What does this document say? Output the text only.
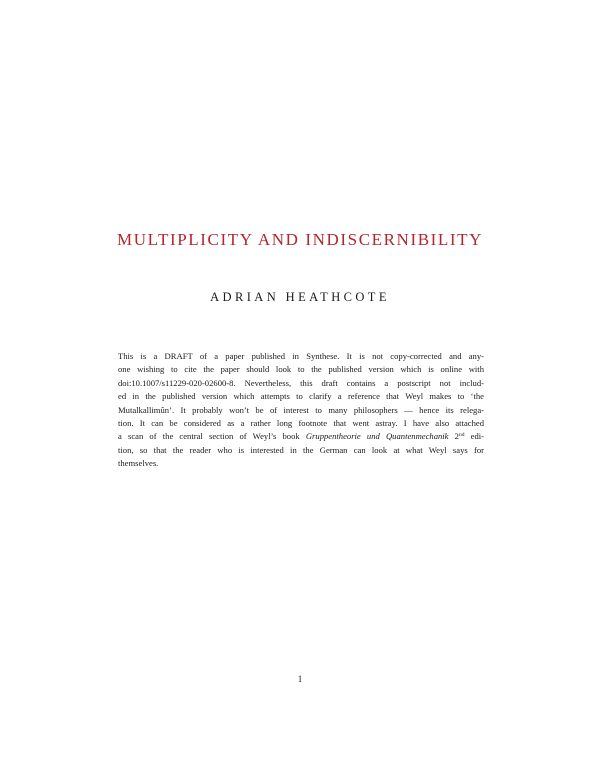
MULTIPLICITY AND INDISCERNIBILITY
ADRIAN HEATHCOTE

This is a DRAFT of a paper published in Synthese. It is not copy-corrected and any-
one wishing to cite the paper should look to the published version which is online with
doi:10.1007/s11229-020-02600-8. Nevertheless, this draft contains a postscript not includ-
ed in the published version which attempts to clarify a reference that Weyl makes to ‘the
Mutalkallimûn’. It probably won’t be of interest to many philosophers — hence its relega-
tion. It can be considered as a rather long footnote that went astray. I have also attached
a scan of the central section of Weyl’s book Gruppentheorie und Quantenmechanik 2nd edi-
tion, so that the reader who is interested in the German can look at what Weyl says for
themselves.

1
